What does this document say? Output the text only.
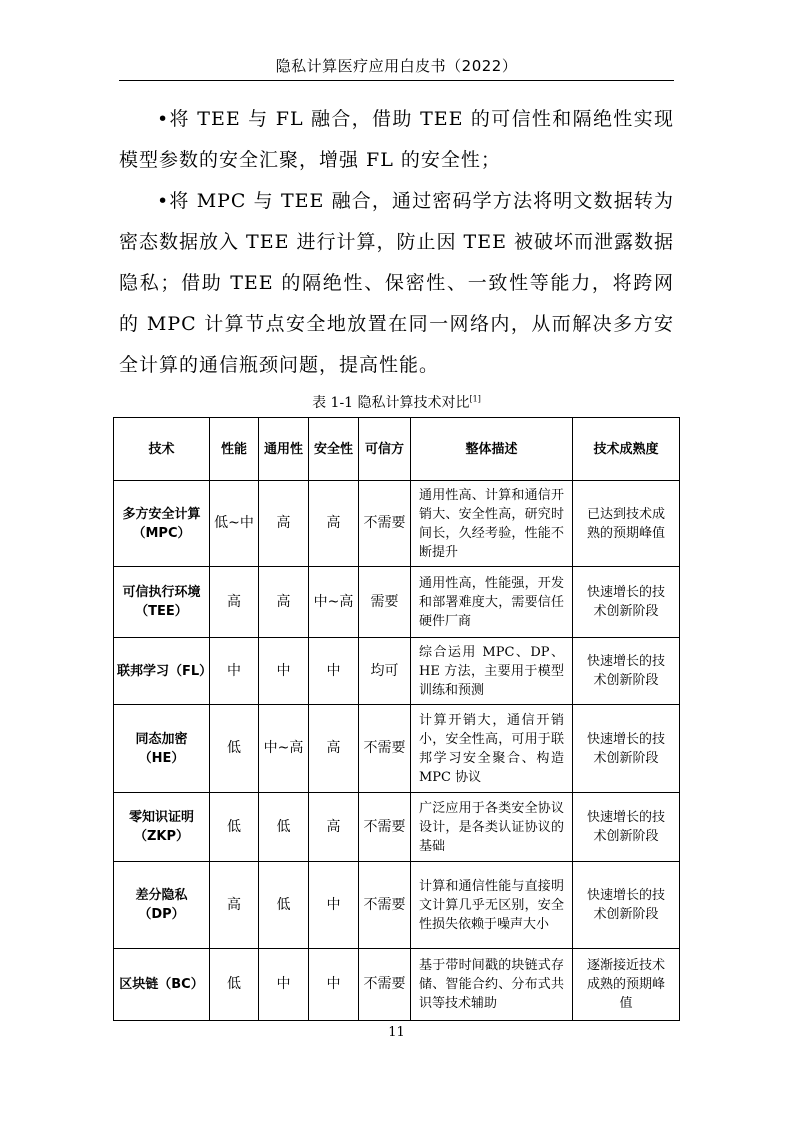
隐私计算医疗应用白皮书（2022）

•将 TEE 与 FL 融合，借助 TEE 的可信性和隔绝性实现模型参数的安全汇聚，增强 FL 的安全性；

•将 MPC 与 TEE 融合，通过密码学方法将明文数据转为密态数据放入 TEE 进行计算，防止因 TEE 被破坏而泄露数据隐私；借助 TEE 的隔绝性、保密性、一致性等能力，将跨网的 MPC 计算节点安全地放置在同一网络内，从而解决多方安全计算的通信瓶颈问题，提高性能。

表 1-1 隐私计算技术对比[1]
技术	性能	通用性	安全性	可信方	整体描述	技术成熟度
多方安全计算（MPC）	低~中	高	高	不需要	通用性高、计算和通信开销大、安全性高，研究时间长，久经考验，性能不断提升	已达到技术成熟的预期峰值
可信执行环境（TEE）	高	高	中~高	需要	通用性高，性能强，开发和部署难度大，需要信任硬件厂商	快速增长的技术创新阶段
联邦学习（FL）	中	中	中	均可	综合运用 MPC、DP、HE 方法，主要用于模型训练和预测	快速增长的技术创新阶段
同态加密（HE）	低	中~高	高	不需要	计算开销大，通信开销小，安全性高，可用于联邦学习安全聚合、构造 MPC 协议	快速增长的技术创新阶段
零知识证明（ZKP）	低	低	高	不需要	广泛应用于各类安全协议设计，是各类认证协议的基础	快速增长的技术创新阶段
差分隐私（DP）	高	低	中	不需要	计算和通信性能与直接明文计算几乎无区别，安全性损失依赖于噪声大小	快速增长的技术创新阶段
区块链（BC）	低	中	中	不需要	基于带时间戳的块链式存储、智能合约、分布式共识等技术辅助	逐渐接近技术成熟的预期峰值
11
